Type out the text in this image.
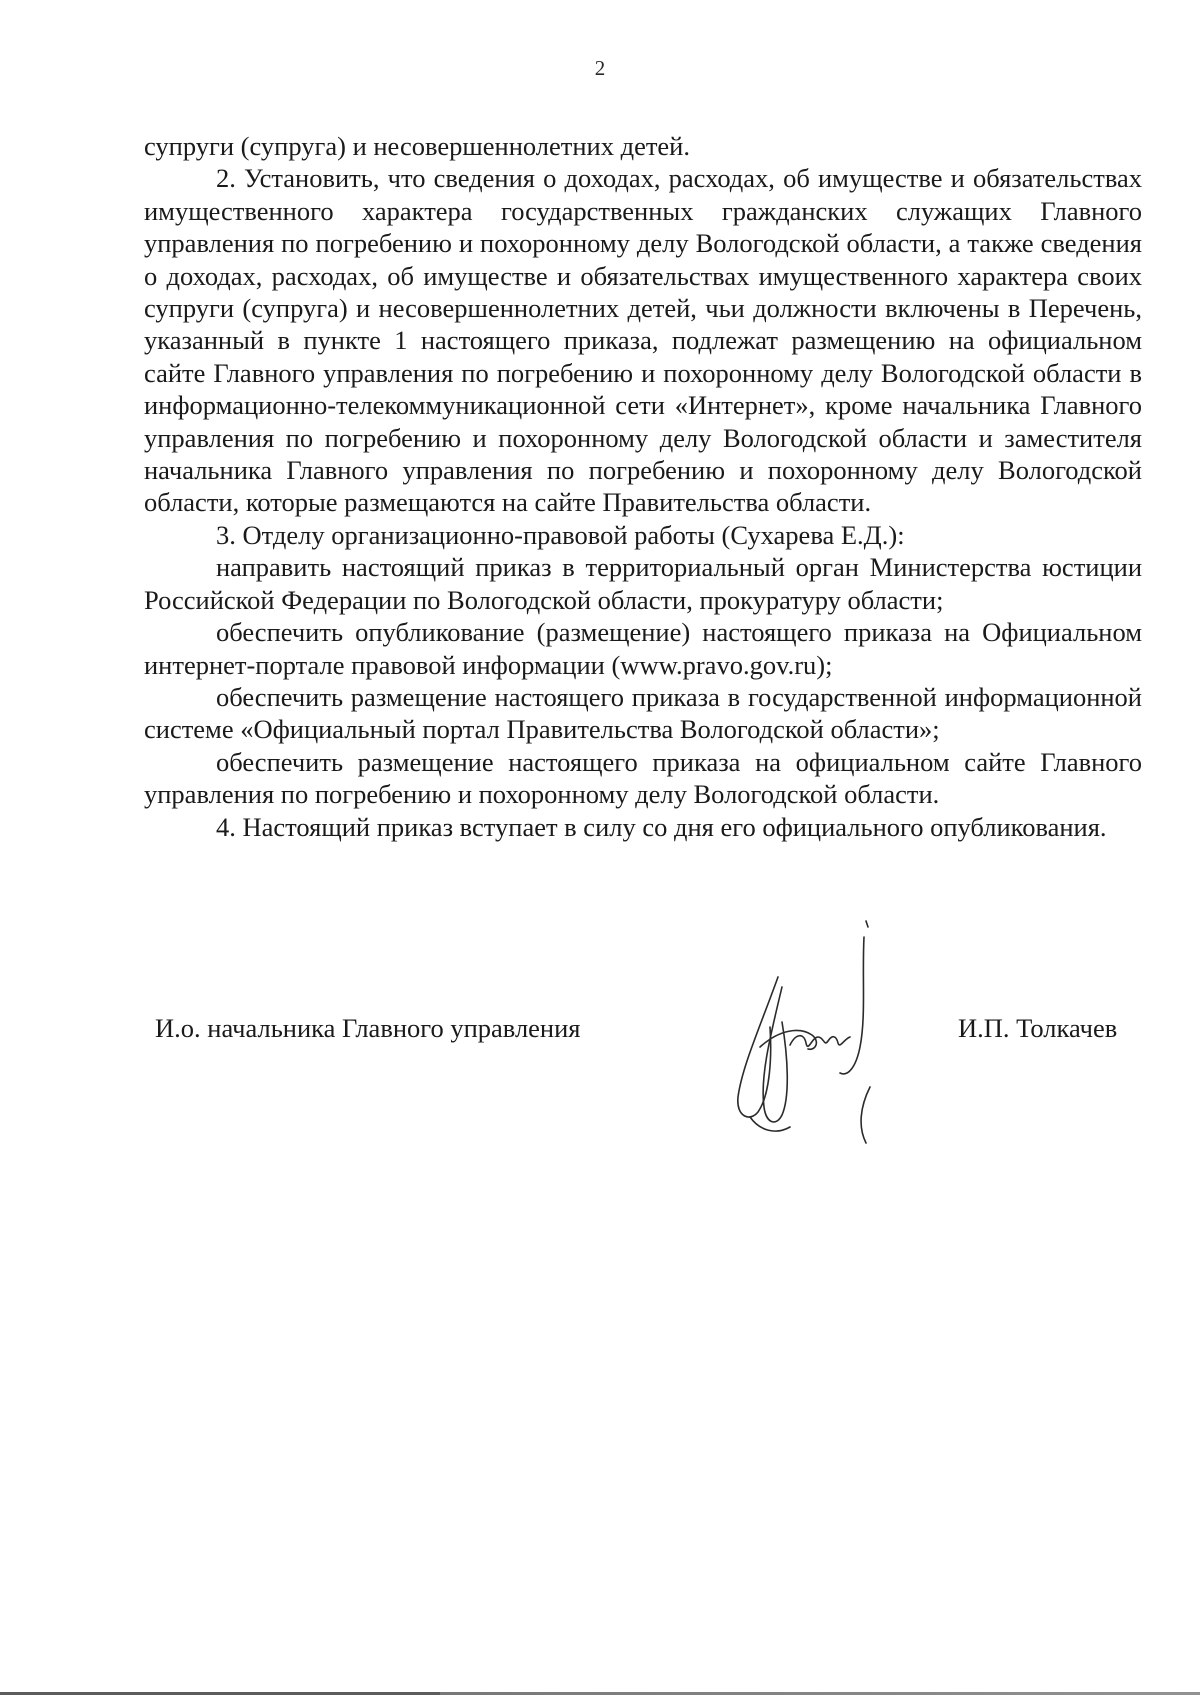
2

супруги (супруга) и несовершеннолетних детей.

2. Установить, что сведения о доходах, расходах, об имуществе и обязательствах имущественного характера государственных гражданских служащих Главного управления по погребению и похоронному делу Вологодской области, а также сведения о доходах, расходах, об имуществе и обязательствах имущественного характера своих супруги (супруга) и несовершеннолетних детей, чьи должности включены в Перечень, указанный в пункте 1 настоящего приказа, подлежат размещению на официальном сайте Главного управления по погребению и похоронному делу Вологодской области в информационно-телекоммуникационной сети «Интернет», кроме начальника Главного управления по погребению и похоронному делу Вологодской области и заместителя начальника Главного управления по погребению и похоронному делу Вологодской области, которые размещаются на сайте Правительства области.

3. Отделу организационно-правовой работы (Сухарева Е.Д.):

направить настоящий приказ в территориальный орган Министерства юстиции Российской Федерации по Вологодской области, прокуратуру области;

обеспечить опубликование (размещение) настоящего приказа на Официальном интернет-портале правовой информации (www.pravo.gov.ru);

обеспечить размещение настоящего приказа в государственной информационной системе «Официальный портал Правительства Вологодской области»;

обеспечить размещение настоящего приказа на официальном сайте Главного управления по погребению и похоронному делу Вологодской области.

4. Настоящий приказ вступает в силу со дня его официального опубликования.

И.о. начальника Главного управления	И.П. Толкачев
